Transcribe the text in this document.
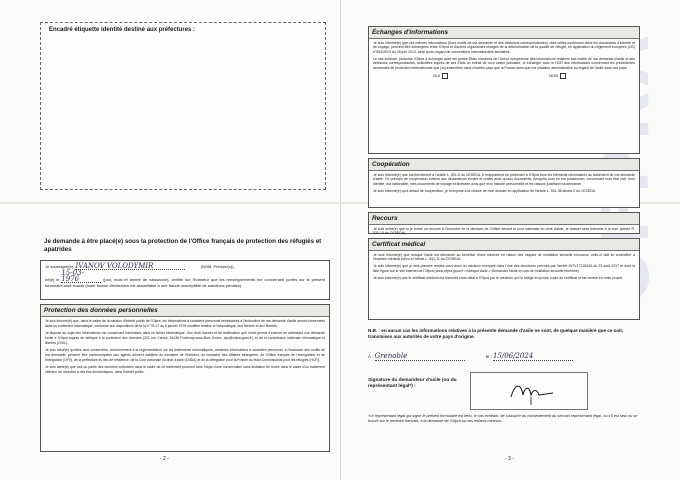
Encadré étiquette identité destiné aux préfectures :
Je demande à être placé(e) sous la protection de l'Office français de protection des réfugiés et apatrides
Je soussigné(e), IVANOV VOLODYMIR	(NOM, Prénom(s)),
né(e) le 15-03-1976	(jour, mois et année de naissance), certifie sur l'honneur que les renseignements me concernant portés sur le présent formulaire sont exacts (toute fausse déclaration est assimilable à une fraude susceptible de sanctions pénales).
Protection des données personnelles

Je suis informé(e) que, dans le cadre de la mission d'intérêt public de l'Ofpra, les informations à caractère personnel nécessaires à l'instruction de ma demande d'asile seront conservées dans un traitement informatique, conforme aux dispositions de la loi n°78-17 du 6 janvier 1978 modifiée relative à l'informatique, aux fichiers et aux libertés.

Je dispose au sujet des informations me concernant transmises dans ce fichier informatique, d'un droit d'accès et de rectification qu'il m'est permis d'exercer en adressant une demande écrite à l'Ofpra auprès du délégué à la protection des données (201 rue Carnot, 94136 Fontenay-sous-Bois Cedex, dpo@ofpra.gouv.fr), et de la commission nationale informatique et libertés (CNIL).

Je suis avisé(e) qu'elles sont conservées, conformément à la réglementation sur les traitements informatiques, certaines informations à caractère personnel, à l'exclusion des motifs de ma demande, peuvent être communiquées aux agents dûment habilités du ministère de l'intérieur, du ministère des Affaires étrangères, de l'Office français de l'immigration et de l'intégration (OFII), de la préfecture du lieu de résidence, de la Cour nationale du droit d'asile (CNDA) et de la délégation pour la France du Haut Commissariat pour les réfugiés (HCR).

Je suis avisé(e) que tout ou partie des données collectées dans le cadre de ce traitement pourront faire l'objet d'une conservation sans limitation de durée dans le cadre d'un traitement ultérieur de données à des fins archivistiques, dans l'intérêt public.

- 2 -
Échanges d'informations

Je suis informé(e) que ces mêmes informations (hors motifs de ma demande et des décisions correspondantes), dont celles contenues dans les documents d'identité et de voyage, peuvent être échangées entre l'Ofpra et d'autres organismes chargés de la détermination de la qualité de réfugié, en application du règlement européen (UE) n°604/2013 du 26 juin 2013, ainsi qu'au regard de conventions internationales similaires.

Le cas échéant, j'autorise l'Ofpra à échanger avec les autres États membres de l'Union européenne des informations relatives aux motifs de ma demande d'asile et des décisions correspondantes, sollicitées auprès de ces États un extrait de mon casier judiciaire, et échanger avec le HCR des informations concernant les précédentes demandes de protection internationale que j'ai présentées dans d'autres pays que la France ainsi que ma situation administrative au regard de l'asile dans ces pays.

OUI	NON
Coopération

Je suis informé(e) que conformément à l'article L. 531-5 du CESEDA, il m'appartient de présenter à l'Ofpra tous les éléments nécessaires au traitement de ma demande d'asile. Ce principe de coopération s'étend aux déclarations écrites et orales ainsi qu'aux documents, lorsqu'ils sont en ma possession, concernant mon état civil, mon identité, ma nationalité, mes documents de voyage et itinéraire ainsi que mon histoire personnelle et les raisons justifiant ma demande.

Je suis informé(e) qu'à défaut de coopération, je m'expose à la clôture de mon dossier en application de l'article L. 531-38 alinéa 2 du CESEDA.

Recours

Je suis avisé(e) que si je forme un recours à l'encontre de la décision de l'Office devant la cour nationale du droit d'asile, le dossier sera transmis à la cour (article R. 532-13 du CESEDA).

Certificat médical

Je suis informé(e) que lorsque l'asile est demandé au bénéfice d'une mineure en raison des risques de mutilation sexuelle encourus, celle-ci doit se soumettre à l'examen médical prévu à l'article L. 531-11 du CESEDA.

Je suis informé(e) que je dois prendre rendez-vous avec un médecin exerçant dans l'une des structures prévues par l'arrêté INTV1721843A du 23 août 2017 et dont la liste figure sur le site internet de l'Ofpra (www.ofpra.gouv.fr / rubrique Asile > Demander l'asile en cas de mutilation sexuelle féminine).

Je suis informé(e) que le certificat médical est transmis sans délai à l'Ofpra par le médecin qui l'a rédigé et qu'une copie du certificat m'est remise en main propre.

N.B. : en aucun cas les informations relatives à la présente demande d'asile ne sont, de quelque manière que ce soit, transmises aux autorités de votre pays d'origine.
À : Grenoble	le : 15/06/2024
Signature du demandeur d'asile (ou du représentant légal*) :
*Le représentant légal qui signe le présent formulaire est tenu, le cas échéant, de s'assurer du consentement du second représentant légal, ou s'il est seul ou se trouve sur le territoire français, à la demande de l'Ofpra ou ses enfants mineurs.
- 3 -
